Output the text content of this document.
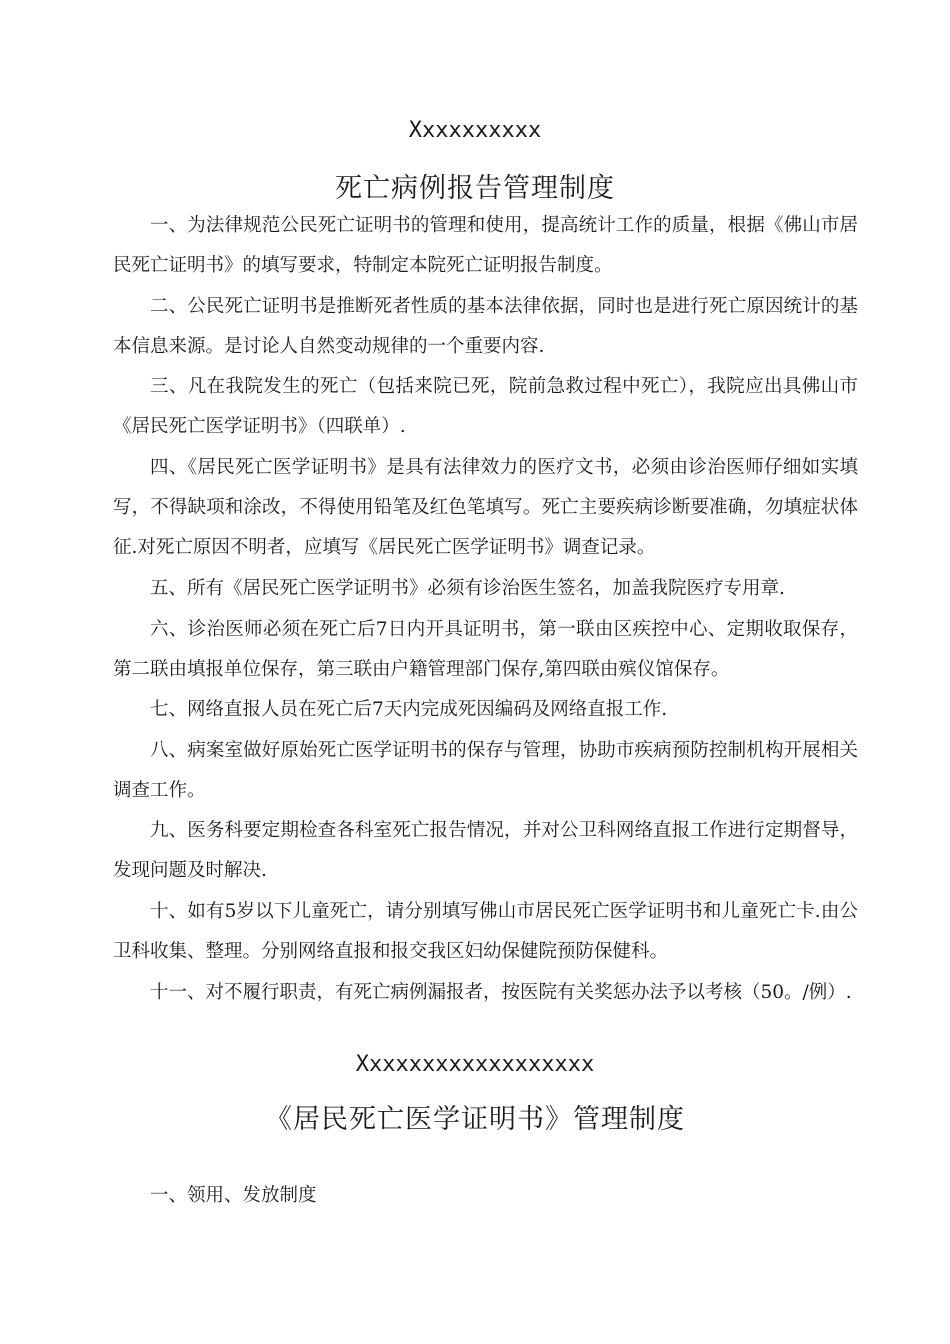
Xxxxxxxxxx
死亡病例报告管理制度

一、为法律规范公民死亡证明书的管理和使用，提高统计工作的质量，根据《佛山市居民死亡证明书》的填写要求，特制定本院死亡证明报告制度。

二、公民死亡证明书是推断死者性质的基本法律依据，同时也是进行死亡原因统计的基本信息来源。是讨论人自然变动规律的一个重要内容.

三、凡在我院发生的死亡（包括来院已死，院前急救过程中死亡），我院应出具佛山市《居民死亡医学证明书》（四联单）.

四、《居民死亡医学证明书》是具有法律效力的医疗文书，必须由诊治医师仔细如实填写，不得缺项和涂改，不得使用铅笔及红色笔填写。死亡主要疾病诊断要准确，勿填症状体征.对死亡原因不明者，应填写《居民死亡医学证明书》调查记录。

五、所有《居民死亡医学证明书》必须有诊治医生签名，加盖我院医疗专用章.

六、诊治医师必须在死亡后7日内开具证明书，第一联由区疾控中心、定期收取保存，第二联由填报单位保存，第三联由户籍管理部门保存,第四联由殡仪馆保存。

七、网络直报人员在死亡后7天内完成死因编码及网络直报工作.

八、病案室做好原始死亡医学证明书的保存与管理，协助市疾病预防控制机构开展相关调查工作。

九、医务科要定期检查各科室死亡报告情况，并对公卫科网络直报工作进行定期督导，发现问题及时解决.

十、如有5岁以下儿童死亡，请分别填写佛山市居民死亡医学证明书和儿童死亡卡.由公卫科收集、整理。分别网络直报和报交我区妇幼保健院预防保健科。

十一、对不履行职责，有死亡病例漏报者，按医院有关奖惩办法予以考核（50。/例）.

Xxxxxxxxxxxxxxxxxx
《居民死亡医学证明书》管理制度
一、领用、发放制度
